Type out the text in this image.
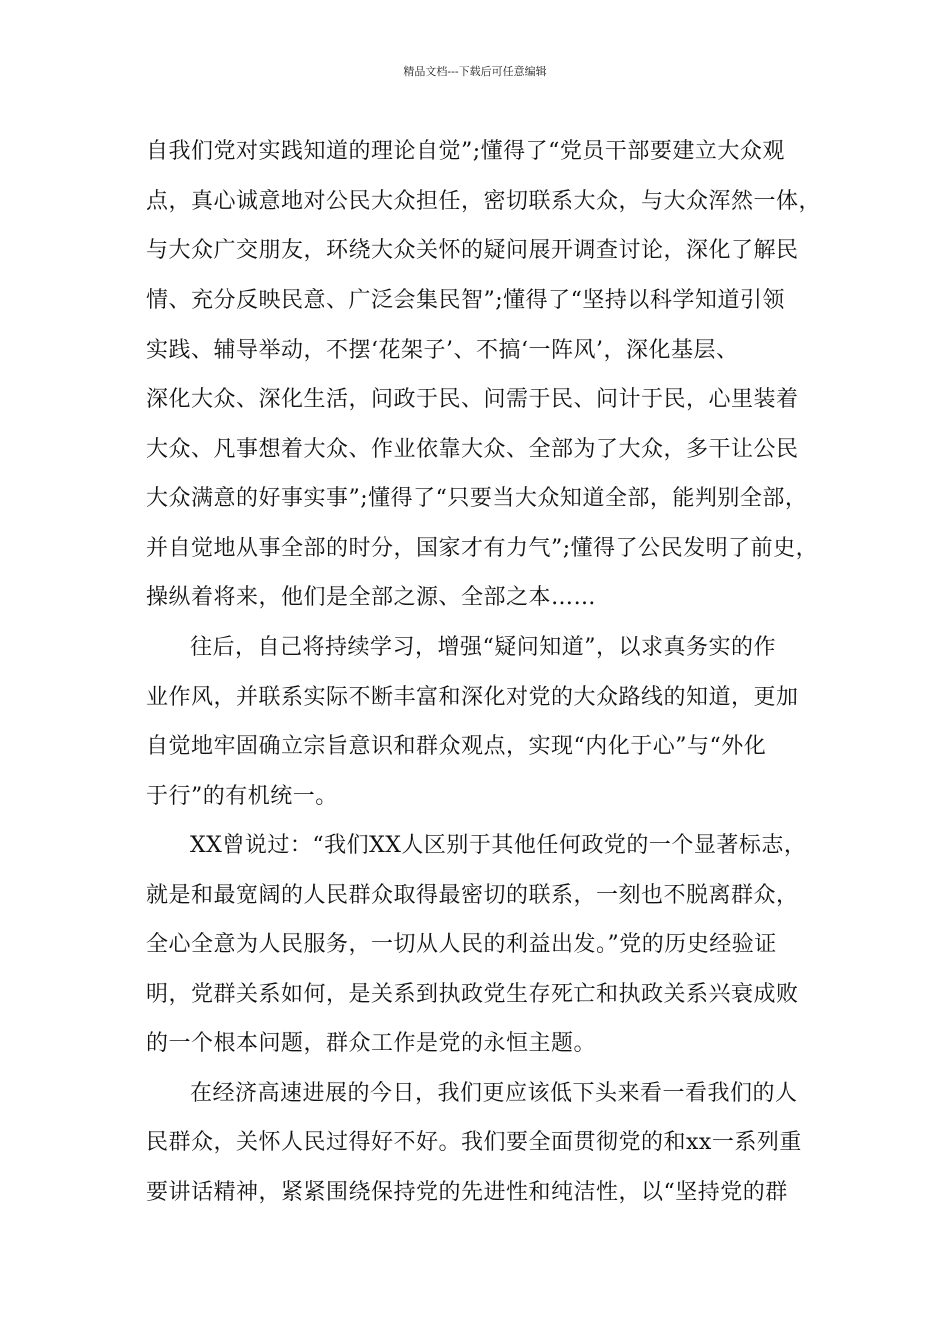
精品文档---下载后可任意编辑
自我们党对实践知道的理论自觉”;懂得了“党员干部要建立大众观
点，真心诚意地对公民大众担任，密切联系大众，与大众浑然一体，
与大众广交朋友，环绕大众关怀的疑问展开调查讨论，深化了解民
情、充分反映民意、广泛会集民智”;懂得了“坚持以科学知道引领
实践、辅导举动，不摆‘花架子’、不搞‘一阵风’，深化基层、
深化大众、深化生活，问政于民、问需于民、问计于民，心里装着
大众、凡事想着大众、作业依靠大众、全部为了大众，多干让公民
大众满意的好事实事”;懂得了“只要当大众知道全部，能判别全部，
并自觉地从事全部的时分，国家才有力气”;懂得了公民发明了前史，
操纵着将来，他们是全部之源、全部之本……
往后，自己将持续学习，增强“疑问知道”，以求真务实的作
业作风，并联系实际不断丰富和深化对党的大众路线的知道，更加
自觉地牢固确立宗旨意识和群众观点，实现“内化于心”与“外化
于行”的有机统一。
XX曾说过：“我们XX人区别于其他任何政党的一个显著标志，
就是和最宽阔的人民群众取得最密切的联系，一刻也不脱离群众，
全心全意为人民服务，一切从人民的利益出发。”党的历史经验证
明，党群关系如何，是关系到执政党生存死亡和执政关系兴衰成败
的一个根本问题，群众工作是党的永恒主题。
在经济高速进展的今日，我们更应该低下头来看一看我们的人
民群众，关怀人民过得好不好。我们要全面贯彻党的和xx一系列重
要讲话精神，紧紧围绕保持党的先进性和纯洁性，以“坚持党的群
